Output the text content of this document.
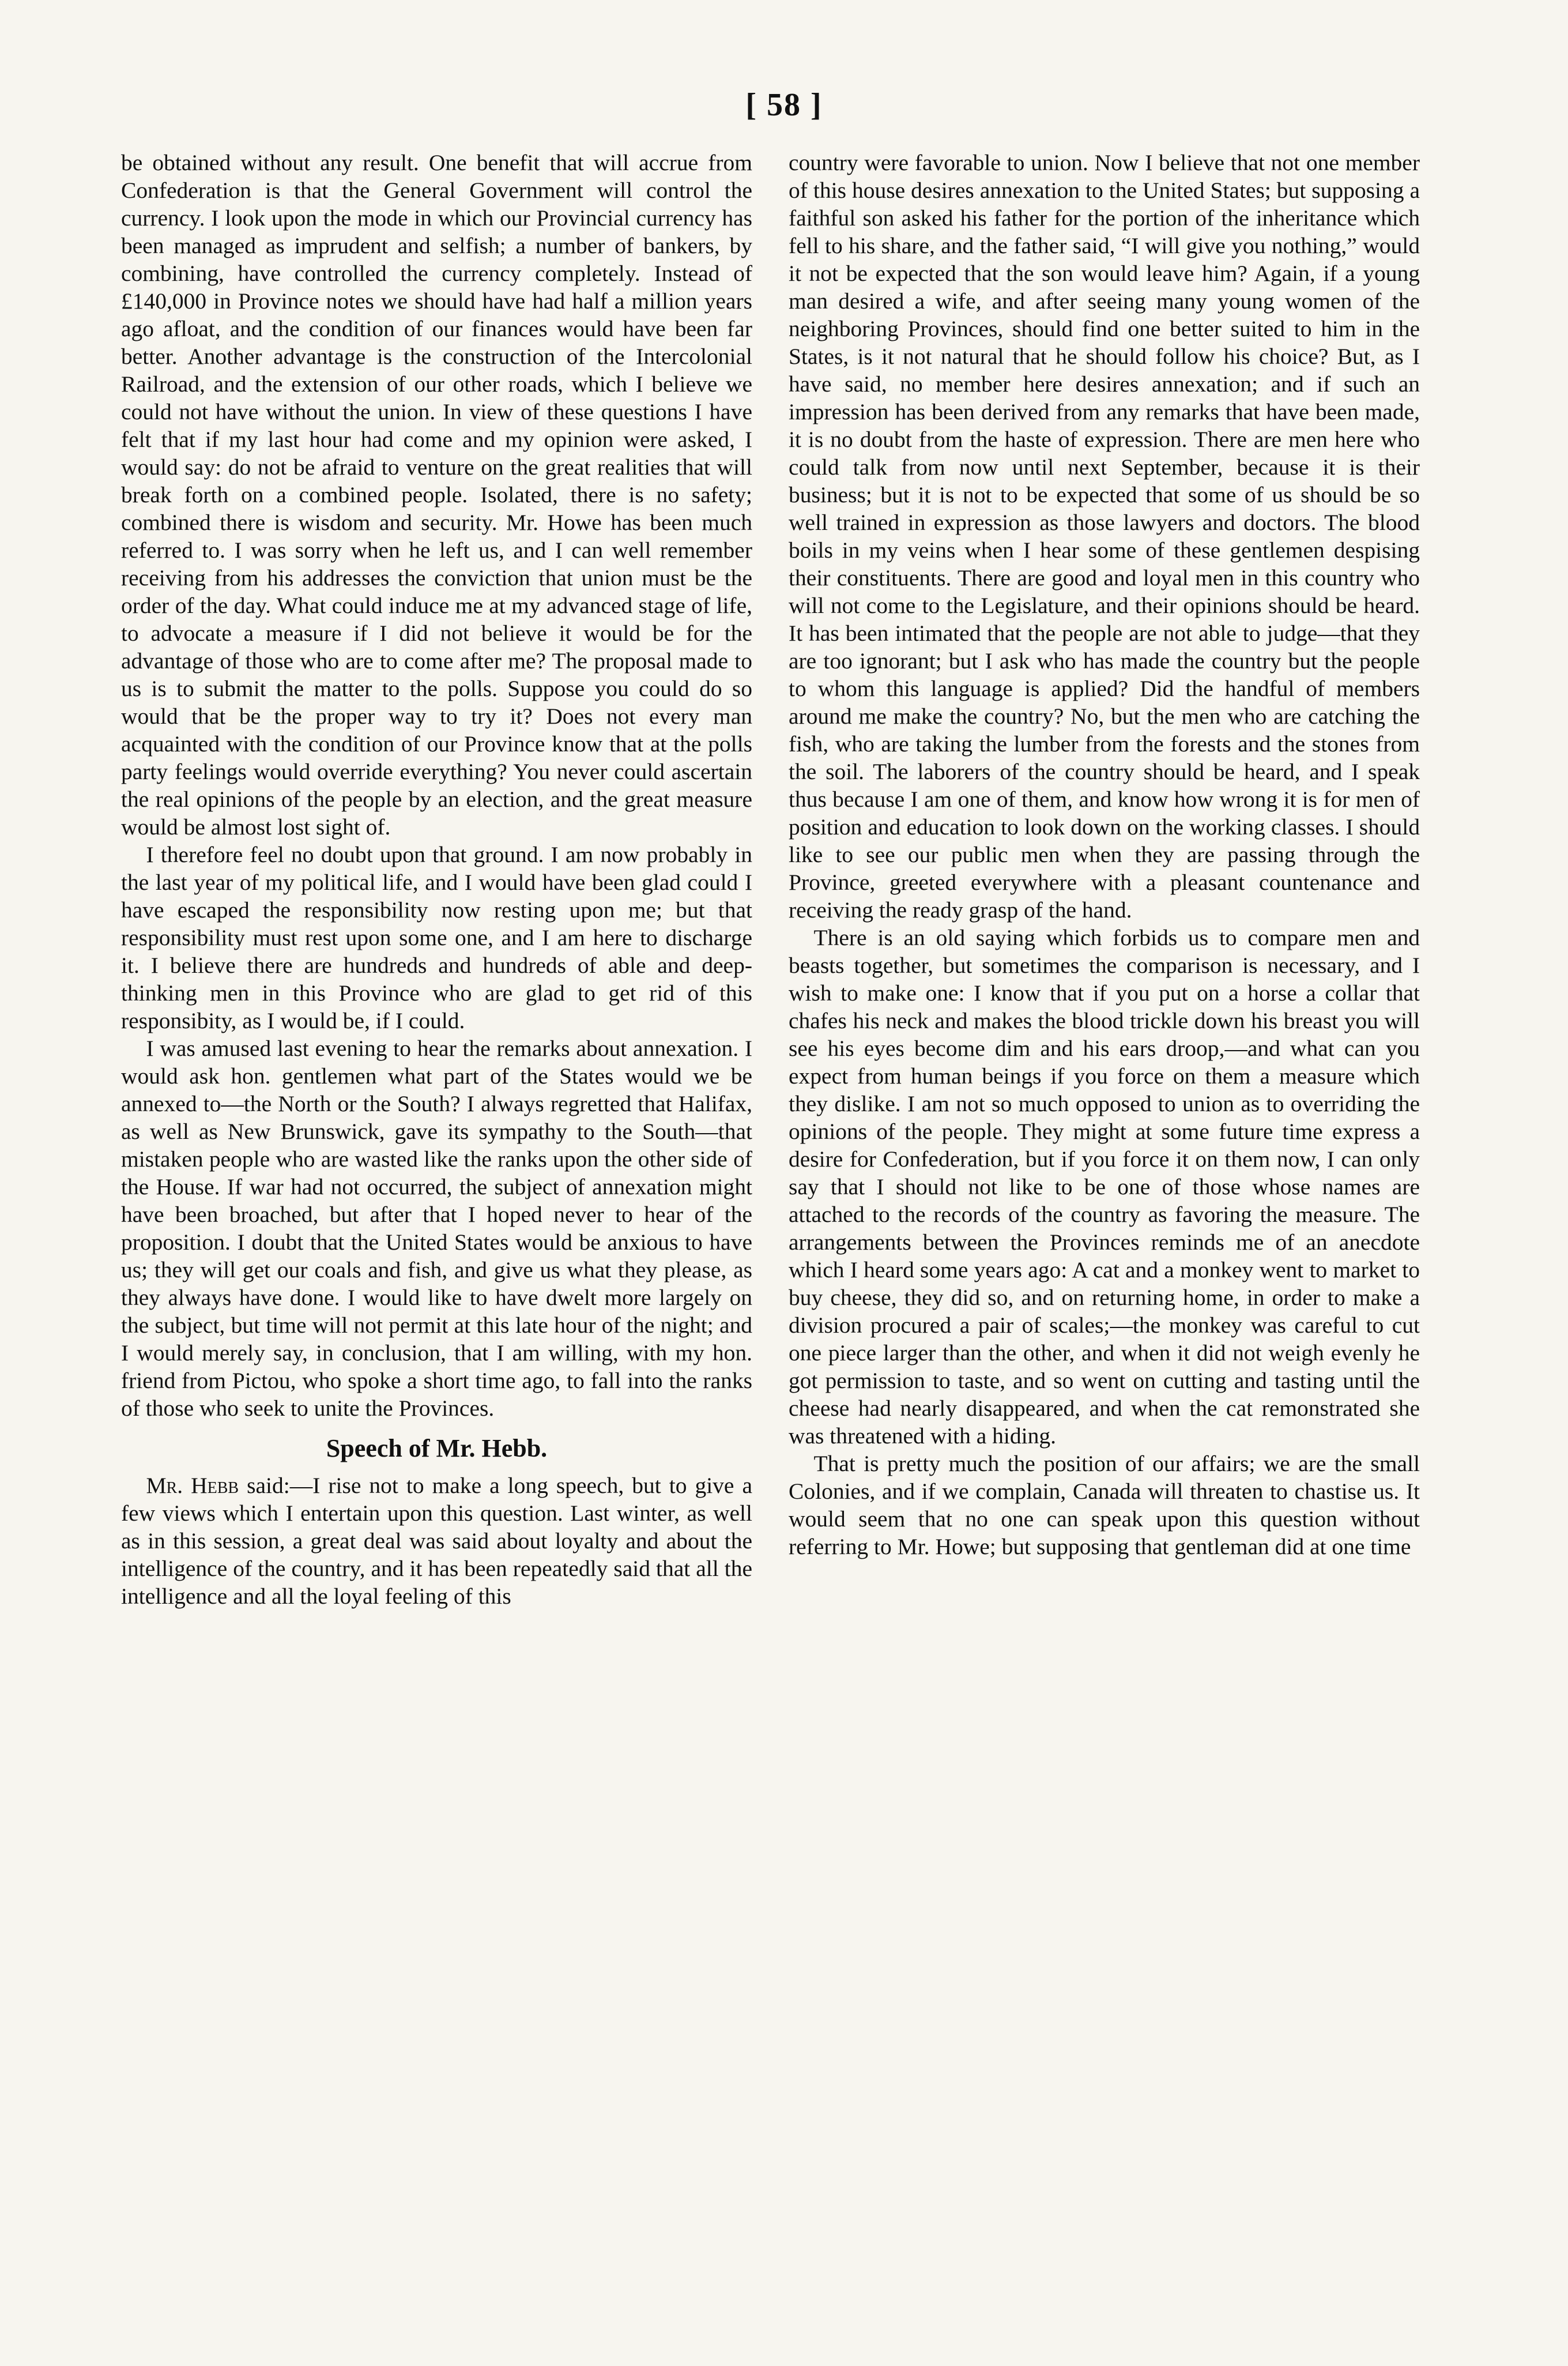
[ 58 ]

be obtained without any result. One benefit that will accrue from Confederation is that the General Government will control the currency. I look upon the mode in which our Provincial currency has been managed as imprudent and selfish; a number of bankers, by combining, have controlled the currency completely. Instead of £140,000 in Province notes we should have had half a million years ago afloat, and the condition of our finances would have been far better. Another advantage is the construction of the Intercolonial Railroad, and the extension of our other roads, which I believe we could not have without the union. In view of these questions I have felt that if my last hour had come and my opinion were asked, I would say: do not be afraid to venture on the great realities that will break forth on a combined people. Isolated, there is no safety; combined there is wisdom and security. Mr. Howe has been much referred to. I was sorry when he left us, and I can well remember receiving from his addresses the conviction that union must be the order of the day. What could induce me at my advanced stage of life, to advocate a measure if I did not believe it would be for the advantage of those who are to come after me? The proposal made to us is to submit the matter to the polls. Suppose you could do so would that be the proper way to try it? Does not every man acquainted with the condition of our Province know that at the polls party feelings would override everything? You never could ascertain the real opinions of the people by an election, and the great measure would be almost lost sight of.

I therefore feel no doubt upon that ground. I am now probably in the last year of my political life, and I would have been glad could I have escaped the responsibility now resting upon me; but that responsibility must rest upon some one, and I am here to discharge it. I believe there are hundreds and hundreds of able and deep-thinking men in this Province who are glad to get rid of this responsibity, as I would be, if I could.

I was amused last evening to hear the remarks about annexation. I would ask hon. gentlemen what part of the States would we be annexed to—the North or the South? I always regretted that Halifax, as well as New Brunswick, gave its sympathy to the South—that mistaken people who are wasted like the ranks upon the other side of the House. If war had not occurred, the subject of annexation might have been broached, but after that I hoped never to hear of the proposition. I doubt that the United States would be anxious to have us; they will get our coals and fish, and give us what they please, as they always have done. I would like to have dwelt more largely on the subject, but time will not permit at this late hour of the night; and I would merely say, in conclusion, that I am willing, with my hon. friend from Pictou, who spoke a short time ago, to fall into the ranks of those who seek to unite the Provinces.

Speech of Mr. Hebb.

Mr. Hebb said:—I rise not to make a long speech, but to give a few views which I entertain upon this question. Last winter, as well as in this session, a great deal was said about loyalty and about the intelligence of the country, and it has been repeatedly said that all the intelligence and all the loyal feeling of this

country were favorable to union. Now I believe that not one member of this house desires annexation to the United States; but supposing a faithful son asked his father for the portion of the inheritance which fell to his share, and the father said, “I will give you nothing,” would it not be expected that the son would leave him? Again, if a young man desired a wife, and after seeing many young women of the neighboring Provinces, should find one better suited to him in the States, is it not natural that he should follow his choice? But, as I have said, no member here desires annexation; and if such an impression has been derived from any remarks that have been made, it is no doubt from the haste of expression. There are men here who could talk from now until next September, because it is their business; but it is not to be expected that some of us should be so well trained in expression as those lawyers and doctors. The blood boils in my veins when I hear some of these gentlemen despising their constituents. There are good and loyal men in this country who will not come to the Legislature, and their opinions should be heard. It has been intimated that the people are not able to judge—that they are too ignorant; but I ask who has made the country but the people to whom this language is applied? Did the handful of members around me make the country? No, but the men who are catching the fish, who are taking the lumber from the forests and the stones from the soil. The laborers of the country should be heard, and I speak thus because I am one of them, and know how wrong it is for men of position and education to look down on the working classes. I should like to see our public men when they are passing through the Province, greeted everywhere with a pleasant countenance and receiving the ready grasp of the hand.

There is an old saying which forbids us to compare men and beasts together, but sometimes the comparison is necessary, and I wish to make one: I know that if you put on a horse a collar that chafes his neck and makes the blood trickle down his breast you will see his eyes become dim and his ears droop,—and what can you expect from human beings if you force on them a measure which they dislike. I am not so much opposed to union as to overriding the opinions of the people. They might at some future time express a desire for Confederation, but if you force it on them now, I can only say that I should not like to be one of those whose names are attached to the records of the country as favoring the measure. The arrangements between the Provinces reminds me of an anecdote which I heard some years ago: A cat and a monkey went to market to buy cheese, they did so, and on returning home, in order to make a division procured a pair of scales;—the monkey was careful to cut one piece larger than the other, and when it did not weigh evenly he got permission to taste, and so went on cutting and tasting until the cheese had nearly disappeared, and when the cat remonstrated she was threatened with a hiding.

That is pretty much the position of our affairs; we are the small Colonies, and if we complain, Canada will threaten to chastise us. It would seem that no one can speak upon this question without referring to Mr. Howe; but supposing that gentleman did at one time
